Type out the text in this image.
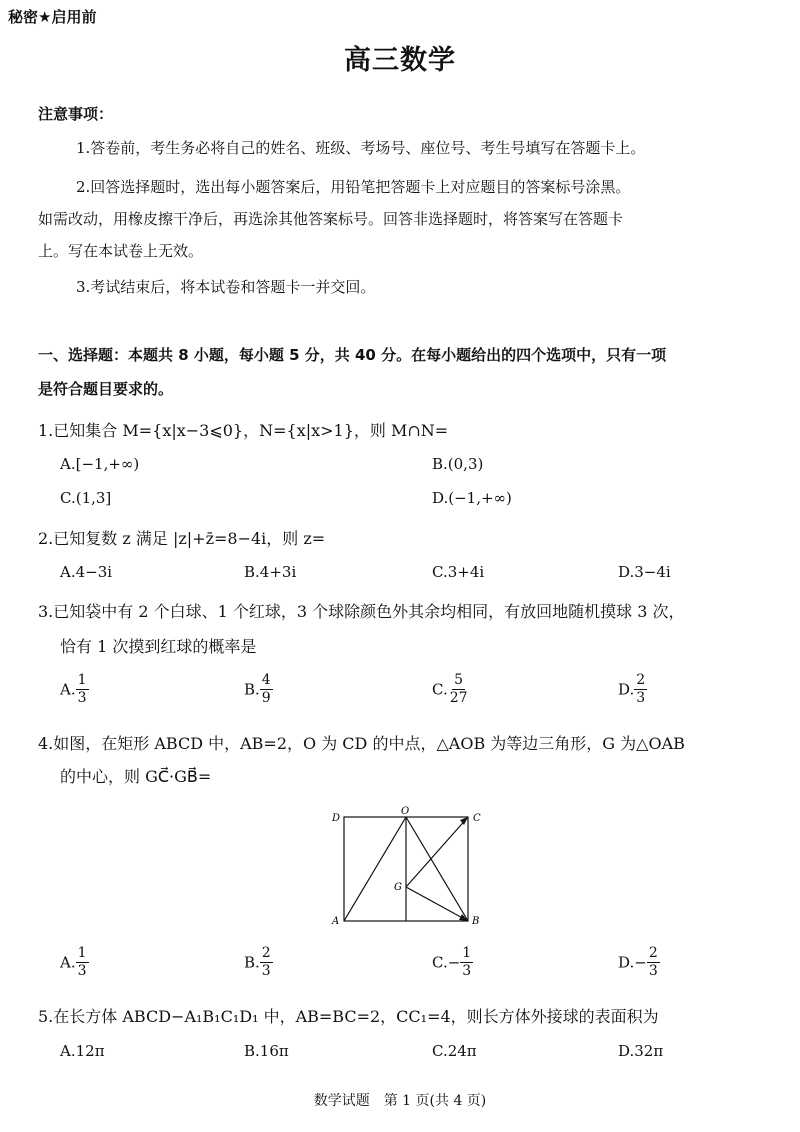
秘密★启用前
高三数学
注意事项：
1.答卷前，考生务必将自己的姓名、班级、考场号、座位号、考生号填写在答题卡上。
2.回答选择题时，选出每小题答案后，用铅笔把答题卡上对应题目的答案标号涂黑。
如需改动，用橡皮擦干净后，再选涂其他答案标号。回答非选择题时，将答案写在答题卡
上。写在本试卷上无效。
3.考试结束后，将本试卷和答题卡一并交回。
一、选择题：本题共 8 小题，每小题 5 分，共 40 分。在每小题给出的四个选项中，只有一项
是符合题目要求的。
1.已知集合 M={x|x−3⩽0}，N={x|x>1}，则 M∩N=
A.[−1,+∞)	B.(0,3)
C.(1,3]	D.(−1,+∞)
2.已知复数 z 满足 |z|+z̄=8−4i，则 z=
A.4−3i	B.4+3i	C.3+4i	D.3−4i
3.已知袋中有 2 个白球、1 个红球，3 个球除颜色外其余均相同，有放回地随机摸球 3 次，
恰有 1 次摸到红球的概率是
A. $\frac{1}{3}$	B. $\frac{4}{9}$	C. $\frac{5}{27}$	D. $\frac{2}{3}$
4.如图，在矩形 ABCD 中，AB=2，O 为 CD 的中点，△AOB 为等边三角形，G 为△OAB
的中心，则 GC⃗·GB⃗=
D
O
C
G
A	B
A. $\frac{1}{3}$	B. $\frac{2}{3}$	$C.- \frac{1}{3}$	$D.- \frac{2}{3}$
5.在长方体 ABCD−A₁B₁C₁D₁ 中，AB=BC=2，CC₁=4，则长方体外接球的表面积为
A.12π	B.16π	C.24π	D.32π
数学试题　第 1 页(共 4 页)
